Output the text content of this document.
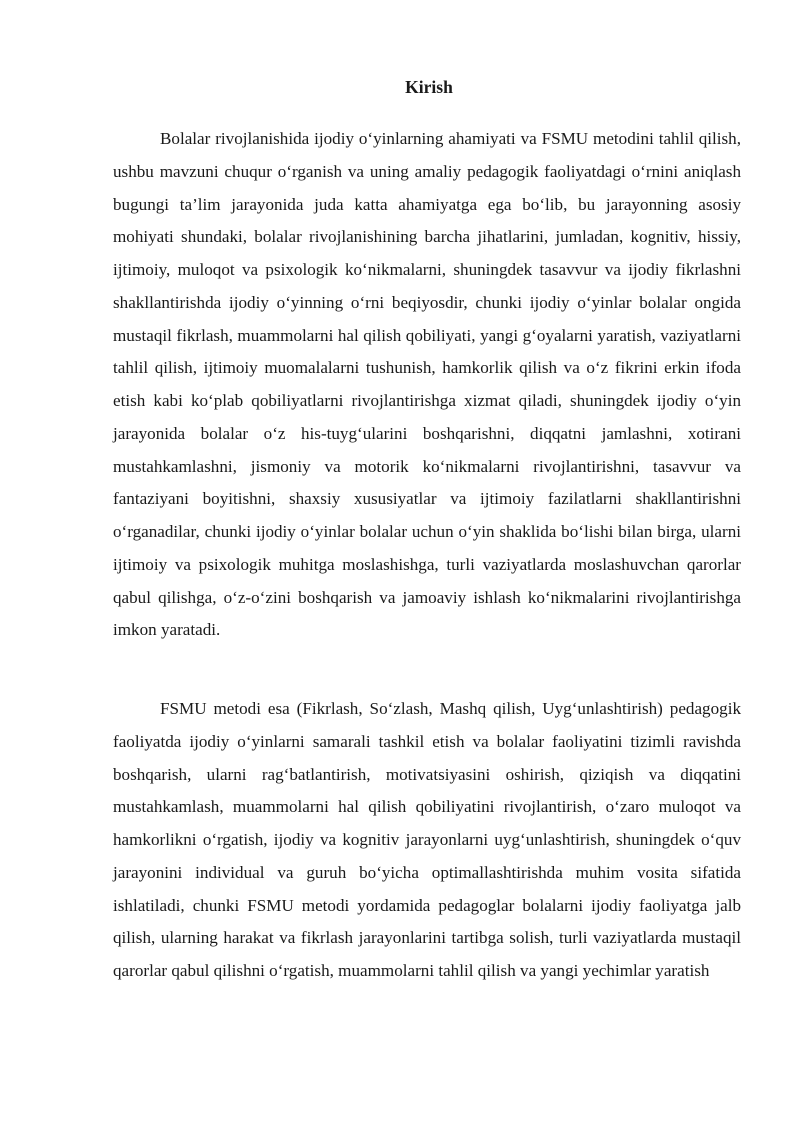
Kirish

Bolalar rivojlanishida ijodiy o‘yinlarning ahamiyati va FSMU metodini tahlil qilish, ushbu mavzuni chuqur o‘rganish va uning amaliy pedagogik faoliyatdagi o‘rnini aniqlash bugungi ta’lim jarayonida juda katta ahamiyatga ega bo‘lib, bu jarayonning asosiy mohiyati shundaki, bolalar rivojlanishining barcha jihatlarini, jumladan, kognitiv, hissiy, ijtimoiy, muloqot va psixologik ko‘nikmalarni, shuningdek tasavvur va ijodiy fikrlashni shakllantirishda ijodiy o‘yinning o‘rni beqiyosdir, chunki ijodiy o‘yinlar bolalar ongida mustaqil fikrlash, muammolarni hal qilish qobiliyati, yangi g‘oyalarni yaratish, vaziyatlarni tahlil qilish, ijtimoiy muomalalarni tushunish, hamkorlik qilish va o‘z fikrini erkin ifoda etish kabi ko‘plab qobiliyatlarni rivojlantirishga xizmat qiladi, shuningdek ijodiy o‘yin jarayonida bolalar o‘z his-tuyg‘ularini boshqarishni, diqqatni jamlashni, xotirani mustahkamlashni, jismoniy va motorik ko‘nikmalarni rivojlantirishni, tasavvur va fantaziyani boyitishni, shaxsiy xususiyatlar va ijtimoiy fazilatlarni shakllantirishni o‘rganadilar, chunki ijodiy o‘yinlar bolalar uchun o‘yin shaklida bo‘lishi bilan birga, ularni ijtimoiy va psixologik muhitga moslashishga, turli vaziyatlarda moslashuvchan qarorlar qabul qilishga, o‘z-o‘zini boshqarish va jamoaviy ishlash ko‘nikmalarini rivojlantirishga imkon yaratadi.

FSMU metodi esa (Fikrlash, So‘zlash, Mashq qilish, Uyg‘unlashtirish) pedagogik faoliyatda ijodiy o‘yinlarni samarali tashkil etish va bolalar faoliyatini tizimli ravishda boshqarish, ularni rag‘batlantirish, motivatsiyasini oshirish, qiziqish va diqqatini mustahkamlash, muammolarni hal qilish qobiliyatini rivojlantirish, o‘zaro muloqot va hamkorlikni o‘rgatish, ijodiy va kognitiv jarayonlarni uyg‘unlashtirish, shuningdek o‘quv jarayonini individual va guruh bo‘yicha optimallashtirishda muhim vosita sifatida ishlatiladi, chunki FSMU metodi yordamida pedagoglar bolalarni ijodiy faoliyatga jalb qilish, ularning harakat va fikrlash jarayonlarini tartibga solish, turli vaziyatlarda mustaqil qarorlar qabul qilishni o‘rgatish, muammolarni tahlil qilish va yangi yechimlar yaratish
